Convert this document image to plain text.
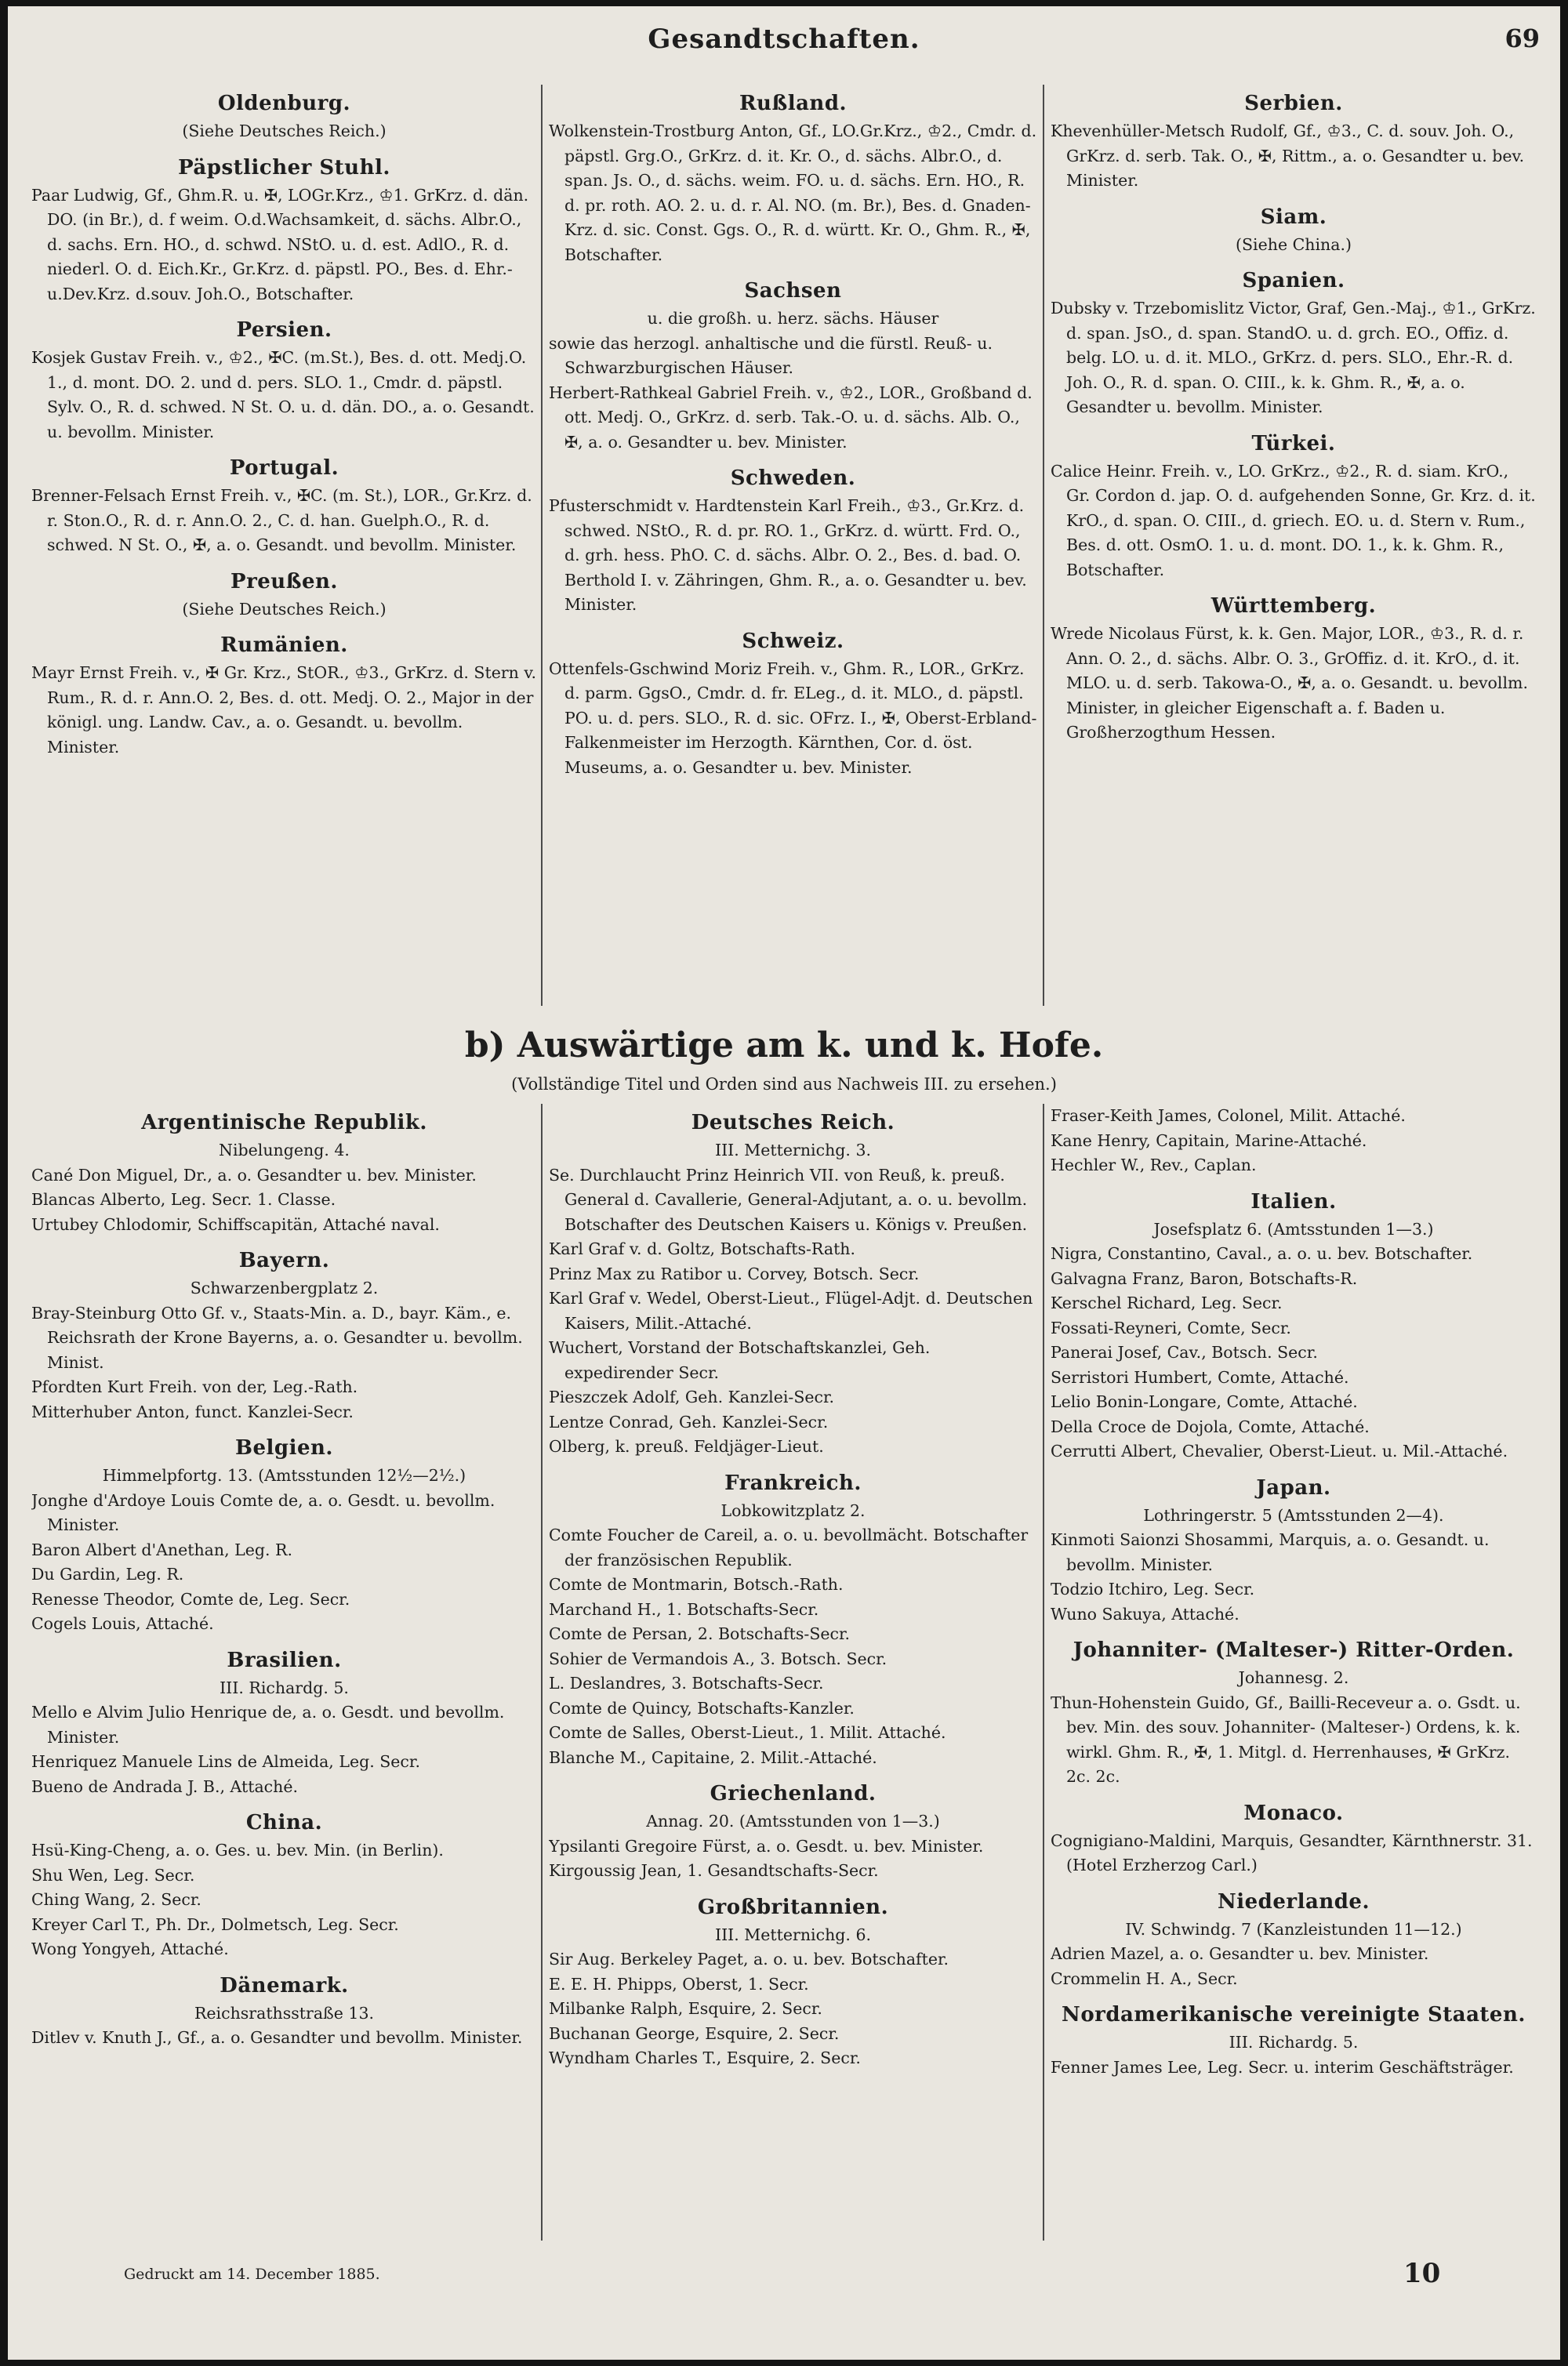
Gesandtschaften.	69
Oldenburg.
(Siehe Deutsches Reich.)
Päpstlicher Stuhl.
Paar Ludwig, Gf., Ghm.R. u. ✠, LOGr.Krz., ♔1. GrKrz. d. dän. DO. (in Br.), d. f weim. O.d.Wachsamkeit, d. sächs. Albr.O., d. sachs. Ern. HO., d. schwd. NStO. u. d. est. AdlO., R. d. niederl. O. d. Eich.Kr., Gr.Krz. d. päpstl. PO., Bes. d. Ehr.-u.Dev.Krz. d.souv. Joh.O., Botschafter.
Persien.
Kosjek Gustav Freih. v., ♔2., ✠C. (m.St.), Bes. d. ott. Medj.O. 1., d. mont. DO. 2. und d. pers. SLO. 1., Cmdr. d. päpstl. Sylv. O., R. d. schwed. N St. O. u. d. dän. DO., a. o. Gesandt. u. bevollm. Minister.
Portugal.
Brenner-Felsach Ernst Freih. v., ✠C. (m. St.), LOR., Gr.Krz. d. r. Ston.O., R. d. r. Ann.O. 2., C. d. han. Guelph.O., R. d. schwed. N St. O., ✠, a. o. Gesandt. und bevollm. Minister.
Preußen.
(Siehe Deutsches Reich.)
Rumänien.
Mayr Ernst Freih. v., ✠ Gr. Krz., StOR., ♔3., GrKrz. d. Stern v. Rum., R. d. r. Ann.O. 2, Bes. d. ott. Medj. O. 2., Major in der königl. ung. Landw. Cav., a. o. Gesandt. u. bevollm. Minister.
Rußland.
Wolkenstein-Trostburg Anton, Gf., LO.Gr.Krz., ♔2., Cmdr. d. päpstl. Grg.O., GrKrz. d. it. Kr. O., d. sächs. Albr.O., d. span. Js. O., d. sächs. weim. FO. u. d. sächs. Ern. HO., R. d. pr. roth. AO. 2. u. d. r. Al. NO. (m. Br.), Bes. d. Gnaden-Krz. d. sic. Const. Ggs. O., R. d. württ. Kr. O., Ghm. R., ✠, Botschafter.
Sachsen
u. die großh. u. herz. sächs. Häuser
sowie das herzogl. anhaltische und die fürstl. Reuß- u. Schwarzburgischen Häuser.
Herbert-Rathkeal Gabriel Freih. v., ♔2., LOR., Großband d. ott. Medj. O., GrKrz. d. serb. Tak.-O. u. d. sächs. Alb. O., ✠, a. o. Gesandter u. bev. Minister.
Schweden.
Pfusterschmidt v. Hardtenstein Karl Freih., ♔3., Gr.Krz. d. schwed. NStO., R. d. pr. RO. 1., GrKrz. d. württ. Frd. O., d. grh. hess. PhO. C. d. sächs. Albr. O. 2., Bes. d. bad. O. Berthold I. v. Zähringen, Ghm. R., a. o. Gesandter u. bev. Minister.
Schweiz.
Ottenfels-Gschwind Moriz Freih. v., Ghm. R., LOR., GrKrz. d. parm. GgsO., Cmdr. d. fr. ELeg., d. it. MLO., d. päpstl. PO. u. d. pers. SLO., R. d. sic. OFrz. I., ✠, Oberst-Erbland-Falkenmeister im Herzogth. Kärnthen, Cor. d. öst. Museums, a. o. Gesandter u. bev. Minister.
Serbien.
Khevenhüller-Metsch Rudolf, Gf., ♔3., C. d. souv. Joh. O., GrKrz. d. serb. Tak. O., ✠, Rittm., a. o. Gesandter u. bev. Minister.
Siam.
(Siehe China.)
Spanien.
Dubsky v. Trzebomislitz Victor, Graf, Gen.-Maj., ♔1., GrKrz. d. span. JsO., d. span. StandO. u. d. grch. EO., Offiz. d. belg. LO. u. d. it. MLO., GrKrz. d. pers. SLO., Ehr.-R. d. Joh. O., R. d. span. O. CIII., k. k. Ghm. R., ✠, a. o. Gesandter u. bevollm. Minister.
Türkei.
Calice Heinr. Freih. v., LO. GrKrz., ♔2., R. d. siam. KrO., Gr. Cordon d. jap. O. d. aufgehenden Sonne, Gr. Krz. d. it. KrO., d. span. O. CIII., d. griech. EO. u. d. Stern v. Rum., Bes. d. ott. OsmO. 1. u. d. mont. DO. 1., k. k. Ghm. R., Botschafter.
Württemberg.
Wrede Nicolaus Fürst, k. k. Gen. Major, LOR., ♔3., R. d. r. Ann. O. 2., d. sächs. Albr. O. 3., GrOffiz. d. it. KrO., d. it. MLO. u. d. serb. Takowa-O., ✠, a. o. Gesandt. u. bevollm. Minister, in gleicher Eigenschaft a. f. Baden u. Großherzogthum Hessen.
b) Auswärtige am k. und k. Hofe.
(Vollständige Titel und Orden sind aus Nachweis III. zu ersehen.)
Argentinische Republik.
Nibelungeng. 4.
Cané Don Miguel, Dr., a. o. Gesandter u. bev. Minister.
Blancas Alberto, Leg. Secr. 1. Classe.
Urtubey Chlodomir, Schiffscapitän, Attaché naval.
Bayern.
Schwarzenbergplatz 2.
Bray-Steinburg Otto Gf. v., Staats-Min. a. D., bayr. Käm., e. Reichsrath der Krone Bayerns, a. o. Gesandter u. bevollm. Minist.
Pfordten Kurt Freih. von der, Leg.-Rath.
Mitterhuber Anton, funct. Kanzlei-Secr.
Belgien.
Himmelpfortg. 13. (Amtsstunden 12½—2½.)
Jonghe d'Ardoye Louis Comte de, a. o. Gesdt. u. bevollm. Minister.
Baron Albert d'Anethan, Leg. R.
Du Gardin, Leg. R.
Renesse Theodor, Comte de, Leg. Secr.
Cogels Louis, Attaché.
Brasilien.
III. Richardg. 5.
Mello e Alvim Julio Henrique de, a. o. Gesdt. und bevollm. Minister.
Henriquez Manuele Lins de Almeida, Leg. Secr.
Bueno de Andrada J. B., Attaché.
China.
Hsü-King-Cheng, a. o. Ges. u. bev. Min. (in Berlin).
Shu Wen, Leg. Secr.
Ching Wang, 2. Secr.
Kreyer Carl T., Ph. Dr., Dolmetsch, Leg. Secr.
Wong Yongyeh, Attaché.
Dänemark.
Reichsrathsstraße 13.
Ditlev v. Knuth J., Gf., a. o. Gesandter und bevollm. Minister.
Deutsches Reich.
III. Metternichg. 3.
Se. Durchlaucht Prinz Heinrich VII. von Reuß, k. preuß. General d. Cavallerie, General-Adjutant, a. o. u. bevollm. Botschafter des Deutschen Kaisers u. Königs v. Preußen.
Karl Graf v. d. Goltz, Botschafts-Rath.
Prinz Max zu Ratibor u. Corvey, Botsch. Secr.
Karl Graf v. Wedel, Oberst-Lieut., Flügel-Adjt. d. Deutschen Kaisers, Milit.-Attaché.
Wuchert, Vorstand der Botschaftskanzlei, Geh. expedirender Secr.
Pieszczek Adolf, Geh. Kanzlei-Secr.
Lentze Conrad, Geh. Kanzlei-Secr.
Olberg, k. preuß. Feldjäger-Lieut.
Frankreich.
Lobkowitzplatz 2.
Comte Foucher de Careil, a. o. u. bevollmächt. Botschafter der französischen Republik.
Comte de Montmarin, Botsch.-Rath.
Marchand H., 1. Botschafts-Secr.
Comte de Persan, 2. Botschafts-Secr.
Sohier de Vermandois A., 3. Botsch. Secr.
L. Deslandres, 3. Botschafts-Secr.
Comte de Quincy, Botschafts-Kanzler.
Comte de Salles, Oberst-Lieut., 1. Milit. Attaché.
Blanche M., Capitaine, 2. Milit.-Attaché.
Griechenland.
Annag. 20. (Amtsstunden von 1—3.)
Ypsilanti Gregoire Fürst, a. o. Gesdt. u. bev. Minister.
Kirgoussig Jean, 1. Gesandtschafts-Secr.
Großbritannien.
III. Metternichg. 6.
Sir Aug. Berkeley Paget, a. o. u. bev. Botschafter.
E. E. H. Phipps, Oberst, 1. Secr.
Milbanke Ralph, Esquire, 2. Secr.
Buchanan George, Esquire, 2. Secr.
Wyndham Charles T., Esquire, 2. Secr.
Fraser-Keith James, Colonel, Milit. Attaché.
Kane Henry, Capitain, Marine-Attaché.
Hechler W., Rev., Caplan.
Italien.
Josefsplatz 6. (Amtsstunden 1—3.)
Nigra, Constantino, Caval., a. o. u. bev. Botschafter.
Galvagna Franz, Baron, Botschafts-R.
Kerschel Richard, Leg. Secr.
Fossati-Reyneri, Comte, Secr.
Panerai Josef, Cav., Botsch. Secr.
Serristori Humbert, Comte, Attaché.
Lelio Bonin-Longare, Comte, Attaché.
Della Croce de Dojola, Comte, Attaché.
Cerrutti Albert, Chevalier, Oberst-Lieut. u. Mil.-Attaché.
Japan.
Lothringerstr. 5 (Amtsstunden 2—4).
Kinmoti Saionzi Shosammi, Marquis, a. o. Gesandt. u. bevollm. Minister.
Todzio Itchiro, Leg. Secr.
Wuno Sakuya, Attaché.
Johanniter- (Malteser-) Ritter-Orden.
Johannesg. 2.
Thun-Hohenstein Guido, Gf., Bailli-Receveur a. o. Gsdt. u. bev. Min. des souv. Johanniter- (Malteser-) Ordens, k. k. wirkl. Ghm. R., ✠, 1. Mitgl. d. Herrenhauses, ✠ GrKrz. 2c. 2c.
Monaco.
Cognigiano-Maldini, Marquis, Gesandter, Kärnthnerstr. 31. (Hotel Erzherzog Carl.)
Niederlande.
IV. Schwindg. 7 (Kanzleistunden 11—12.)
Adrien Mazel, a. o. Gesandter u. bev. Minister.
Crommelin H. A., Secr.
Nordamerikanische vereinigte Staaten.
III. Richardg. 5.
Fenner James Lee, Leg. Secr. u. interim Geschäftsträger.
Gedruckt am 14. December 1885.	10
